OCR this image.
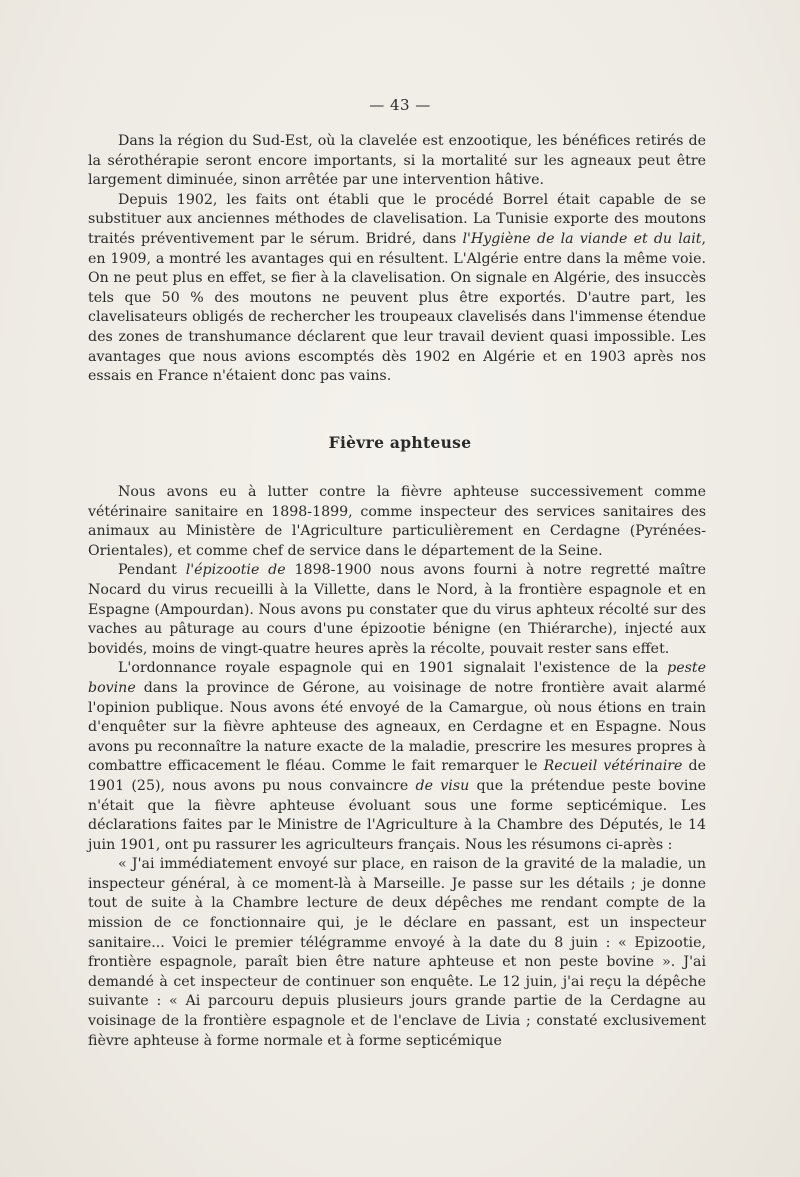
— 43 —

Dans la région du Sud-Est, où la clavelée est enzootique, les bénéfices retirés de la sérothérapie seront encore importants, si la mortalité sur les agneaux peut être largement diminuée, sinon arrêtée par une intervention hâtive.

Depuis 1902, les faits ont établi que le procédé Borrel était capable de se substituer aux anciennes méthodes de clavelisation. La Tunisie exporte des moutons traités préventivement par le sérum. Bridré, dans l'Hygiène de la viande et du lait, en 1909, a montré les avantages qui en résultent. L'Algérie entre dans la même voie. On ne peut plus en effet, se fier à la clavelisation. On signale en Algérie, des insuccès tels que 50 % des moutons ne peuvent plus être exportés. D'autre part, les clavelisateurs obligés de rechercher les troupeaux clavelisés dans l'immense étendue des zones de transhumance déclarent que leur travail devient quasi impossible. Les avantages que nous avions escomptés dès 1902 en Algérie et en 1903 après nos essais en France n'étaient donc pas vains.

Fièvre aphteuse

Nous avons eu à lutter contre la fièvre aphteuse successivement comme vétérinaire sanitaire en 1898-1899, comme inspecteur des services sanitaires des animaux au Ministère de l'Agriculture particulièrement en Cerdagne (Pyrénées-Orientales), et comme chef de service dans le département de la Seine.

Pendant l'épizootie de 1898-1900 nous avons fourni à notre regretté maître Nocard du virus recueilli à la Villette, dans le Nord, à la frontière espagnole et en Espagne (Ampourdan). Nous avons pu constater que du virus aphteux récolté sur des vaches au pâturage au cours d'une épizootie bénigne (en Thiérarche), injecté aux bovidés, moins de vingt-quatre heures après la récolte, pouvait rester sans effet.

L'ordonnance royale espagnole qui en 1901 signalait l'existence de la peste bovine dans la province de Gérone, au voisinage de notre frontière avait alarmé l'opinion publique. Nous avons été envoyé de la Camargue, où nous étions en train d'enquêter sur la fièvre aphteuse des agneaux, en Cerdagne et en Espagne. Nous avons pu reconnaître la nature exacte de la maladie, prescrire les mesures propres à combattre efficacement le fléau. Comme le fait remarquer le Recueil vétérinaire de 1901 (25), nous avons pu nous convaincre de visu que la prétendue peste bovine n'était que la fièvre aphteuse évoluant sous une forme septicémique. Les déclarations faites par le Ministre de l'Agriculture à la Chambre des Députés, le 14 juin 1901, ont pu rassurer les agriculteurs français. Nous les résumons ci-après :

« J'ai immédiatement envoyé sur place, en raison de la gravité de la maladie, un inspecteur général, à ce moment-là à Marseille. Je passe sur les détails ; je donne tout de suite à la Chambre lecture de deux dépêches me rendant compte de la mission de ce fonctionnaire qui, je le déclare en passant, est un inspecteur sanitaire... Voici le premier télégramme envoyé à la date du 8 juin : « Epizootie, frontière espagnole, paraît bien être nature aphteuse et non peste bovine ». J'ai demandé à cet inspecteur de continuer son enquête. Le 12 juin, j'ai reçu la dépêche suivante : « Ai parcouru depuis plusieurs jours grande partie de la Cerdagne au voisinage de la frontière espagnole et de l'enclave de Livia ; constaté exclusivement fièvre aphteuse à forme normale et à forme septicémique
